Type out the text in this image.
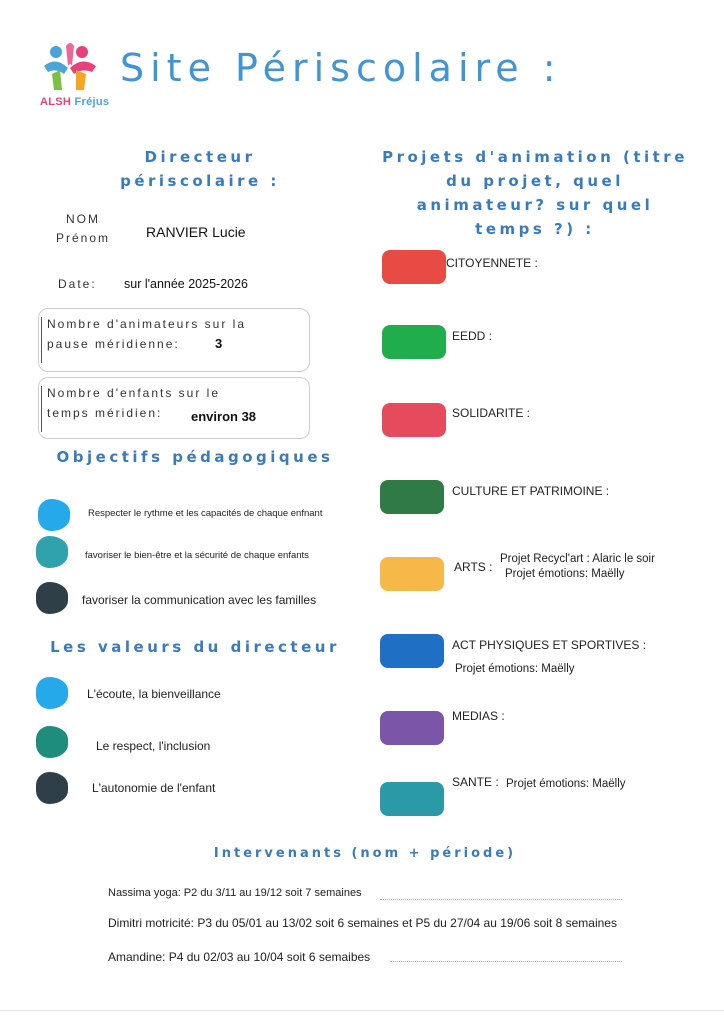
ALSH Fréjus
Site Périscolaire :
Directeur
périscolaire :
NOM
Prénom	RANVIER Lucie
Date: sur l'année 2025-2026
Nombre d'animateurs sur la
pause méridienne:	3
Nombre d'enfants sur le
temps méridien: environ 38
Objectifs pédagogiques
Respecter le rythme et les capacités de chaque enfnant
favoriser le bien-être et la sécurité de chaque enfants
favoriser la communication avec les familles
Les valeurs du directeur
L'écoute, la bienveillance
Le respect, l'inclusion
L'autonomie de l'enfant
Projets d'animation (titre
du projet, quel
animateur? sur quel
temps ?) :
CITOYENNETE :
EEDD :
SOLIDARITE :
CULTURE ET PATRIMOINE :
ARTS :
Projet Recycl'art : Alaric le soir
Projet émotions: Maëlly
ACT PHYSIQUES ET SPORTIVES :
Projet émotions: Maëlly
MEDIAS :
SANTE : Projet émotions: Maëlly
Intervenants (nom + période)
Nassima yoga: P2 du 3/11 au 19/12 soit 7 semaines
Dimitri motricité: P3 du 05/01 au 13/02 soit 6 semaines et P5 du 27/04 au 19/06 soit 8 semaines
Amandine: P4 du 02/03 au 10/04 soit 6 semaibes
